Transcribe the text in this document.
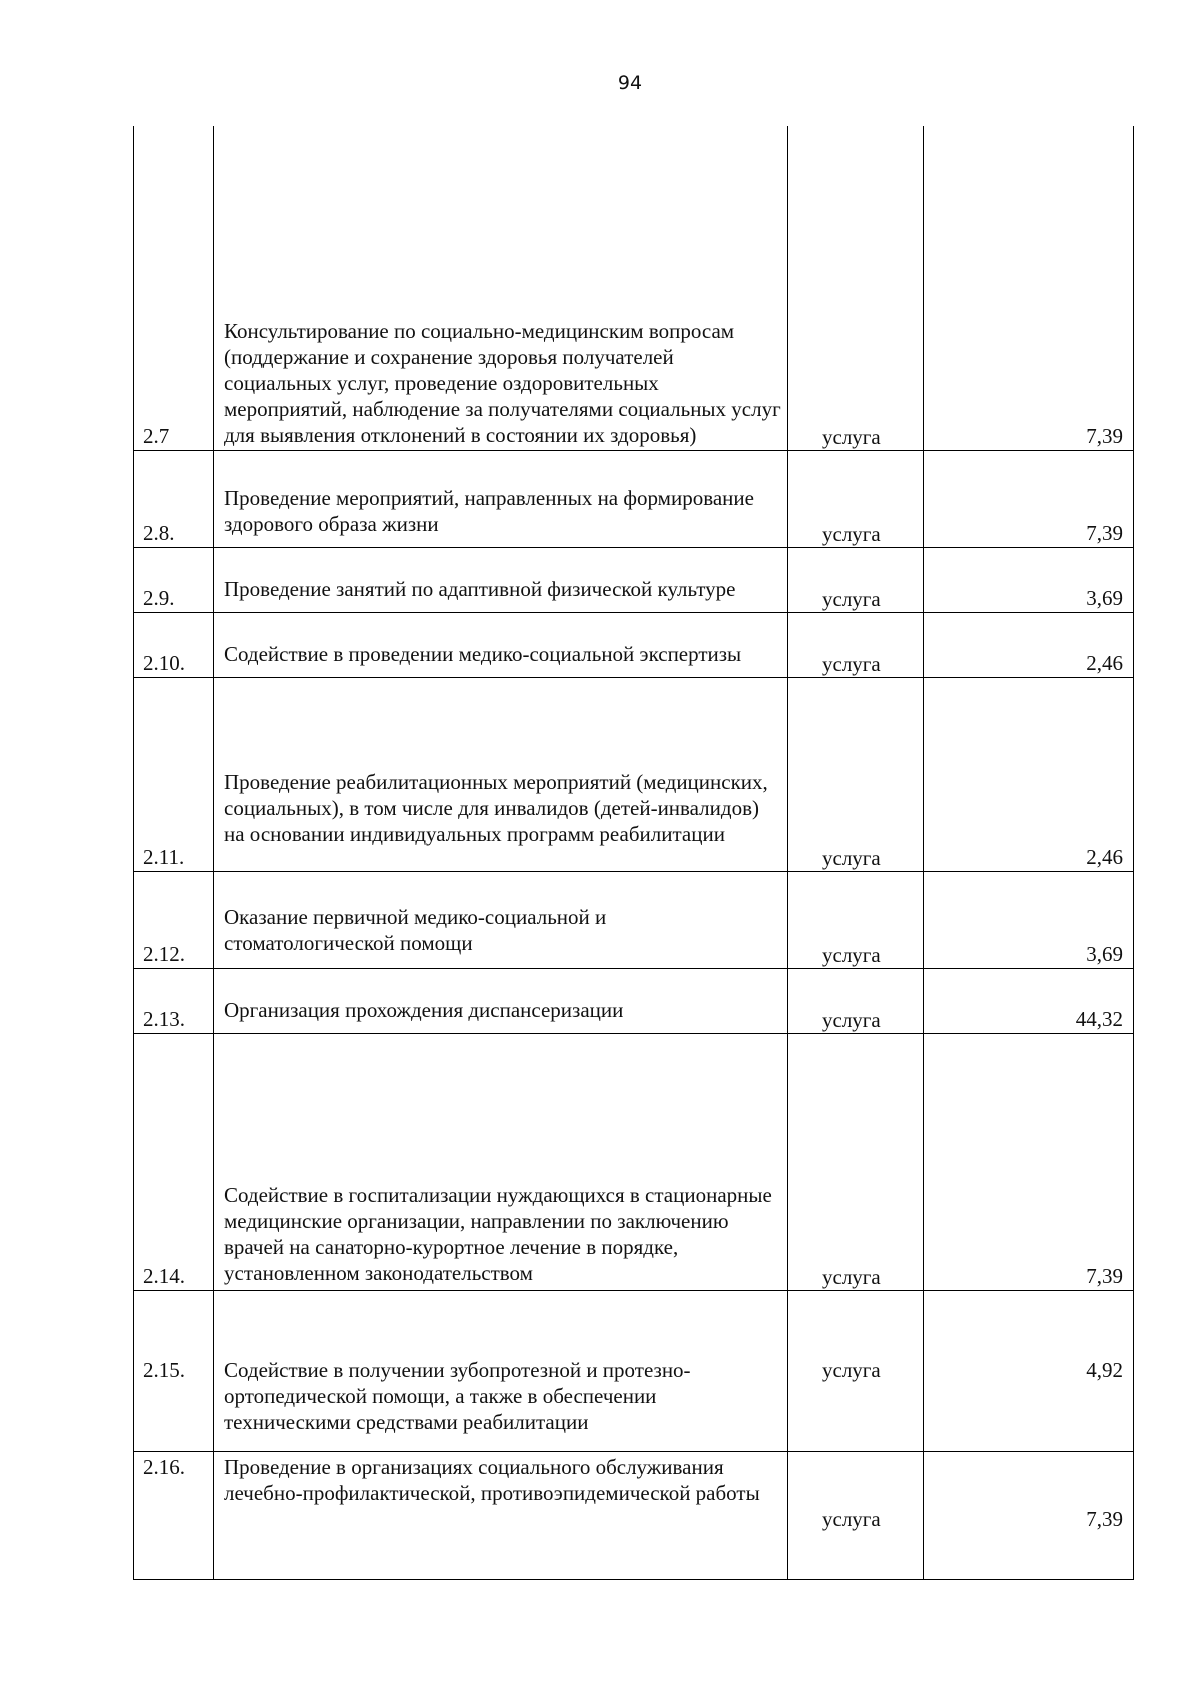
94
2.7	Консультирование по социально-медицинским вопросам (поддержание и сохранение здоровья получателей социальных услуг, проведение оздоровительных мероприятий, наблюдение за получателями социальных услуг для выявления отклонений в состоянии их здоровья)	услуга	7,39
2.8.	Проведение мероприятий, направленных на формирование здорового образа жизни	услуга	7,39
2.9.	Проведение занятий по адаптивной физической культуре	услуга	3,69
2.10.	Содействие в проведении медико-социальной экспертизы	услуга	2,46
2.11.	Проведение реабилитационных мероприятий (медицинских, социальных), в том числе для инвалидов (детей-инвалидов) на основании индивидуальных программ реабилитации	услуга	2,46
2.12.	Оказание первичной медико-социальной и стоматологической помощи	услуга	3,69
2.13.	Организация прохождения диспансеризации	услуга	44,32
2.14.	Содействие в госпитализации нуждающихся в стационарные медицинские организации, направлении по заключению врачей на санаторно-курортное лечение в порядке, установленном законодательством	услуга	7,39
2.15.	Содействие в получении зубопротезной и протезно-ортопедической помощи, а также в обеспечении техническими средствами реабилитации	услуга	4,92
2.16.	Проведение в организациях социального обслуживания лечебно-профилактической, противоэпидемической работы	услуга	7,39
